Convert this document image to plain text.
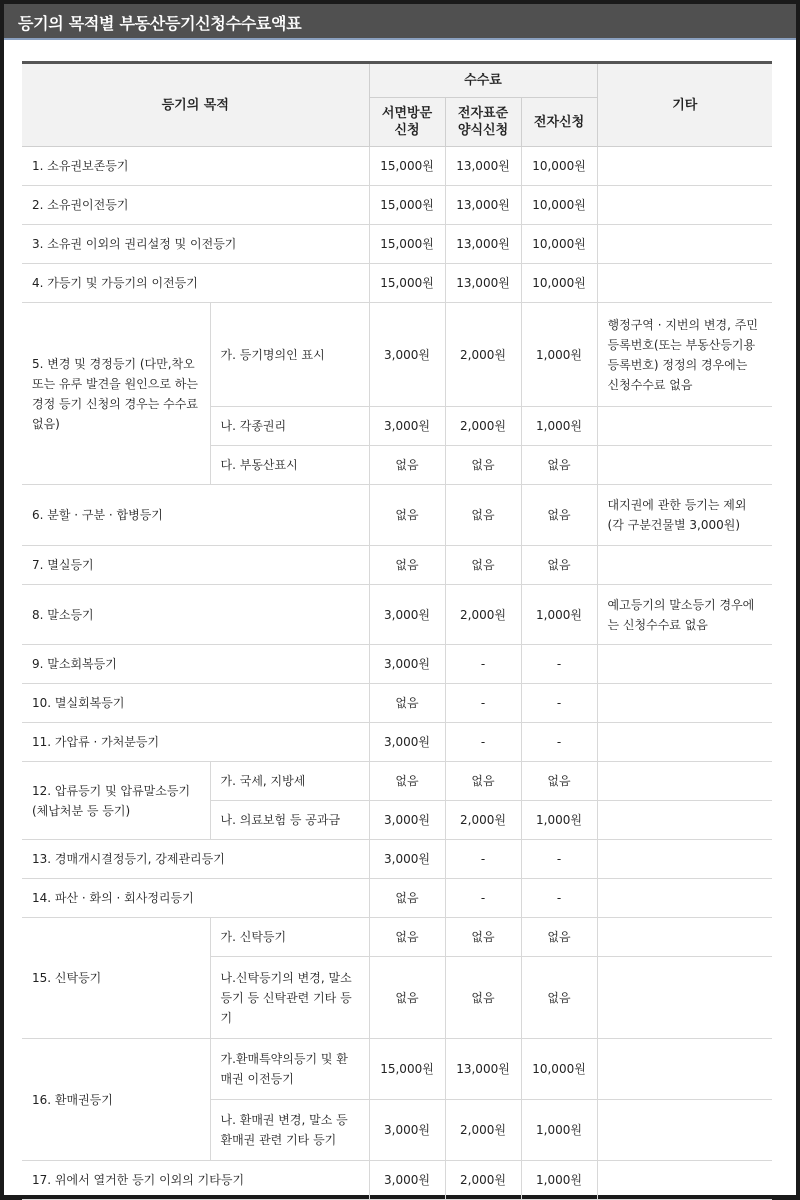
등기의 목적별 부동산등기신청수수료액표
등기의 목적		수수료			기타
		서면방문 신청	전자표준 양식신청	전자신청	
1. 소유권보존등기		15,000원	13,000원	10,000원	
2. 소유권이전등기		15,000원	13,000원	10,000원	
3. 소유권 이외의 권리설정 및 이전등기		15,000원	13,000원	10,000원	
4. 가등기 및 가등기의 이전등기		15,000원	13,000원	10,000원	
5. 변경 및 경정등기 (다만,착오 또는 유루 발견을 원인으로 하는 경정 등기 신청의 경우는 수수료 없음)	가. 등기명의인 표시	3,000원	2,000원	1,000원	행정구역 · 지번의 변경, 주민등록번호(또는 부동산등기용 등록번호) 정정의 경우에는 신청수수료 없음
	나. 각종권리	3,000원	2,000원	1,000원	
	다. 부동산표시	없음	없음	없음	
6. 분할 · 구분 · 합병등기		없음	없음	없음	대지권에 관한 등기는 제외 (각 구분건물별 3,000원)
7. 멸실등기		없음	없음	없음	
8. 말소등기		3,000원	2,000원	1,000원	예고등기의 말소등기 경우에는 신청수수료 없음
9. 말소회복등기		3,000원	-	-	
10. 멸실회복등기		없음	-	-	
11. 가압류 · 가처분등기		3,000원	-	-	
12. 압류등기 및 압류말소등기 (체납처분 등 등기)	가. 국세, 지방세	없음	없음	없음	
	나. 의료보험 등 공과금	3,000원	2,000원	1,000원	
13. 경매개시결정등기, 강제관리등기		3,000원	-	-	
14. 파산 · 화의 · 회사정리등기		없음	-	-	
15. 신탁등기	가. 신탁등기	없음	없음	없음	
	나.신탁등기의 변경, 말소등기 등 신탁관련 기타 등기	없음	없음	없음	
16. 환매권등기	가.환매특약의등기 및 환매권 이전등기	15,000원	13,000원	10,000원	
	나. 환매권 변경, 말소 등 환매권 관련 기타 등기	3,000원	2,000원	1,000원	
17. 위에서 열거한 등기 이외의 기타등기		3,000원	2,000원	1,000원	
